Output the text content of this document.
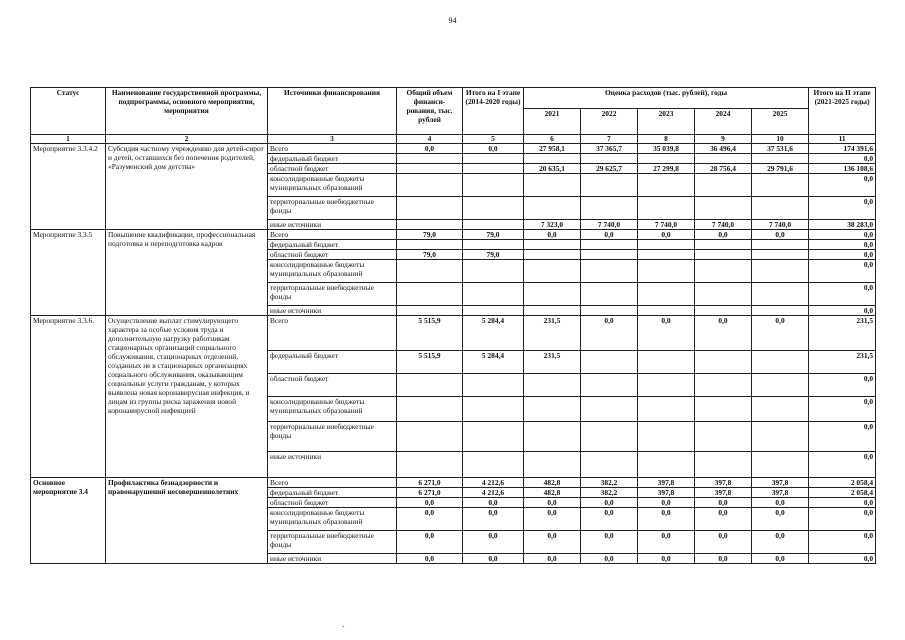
94
Статус	Наименование государственной программы, подпрограммы, основного мероприятия, мероприятия	Источники финансирования	Общий объем финанси-рования, тыс. рублей	Итого на I этапе (2014-2020 годы)	Оценка расходов (тыс. рублей), годы					Итого на II этапе (2021-2025 годы)
					2021	2022	2023	2024	2025	
1	2	3	4	5	6	7	8	9	10	11
Мероприятие 3.3.4.2	Субсидия частному учреждению для детей-сирот и детей, оставшихся без попечения родителей, «Разуменский дом детства»	Всего	0,0	0,0	27 958,1	37 365,7	35 039,8	36 496,4	37 531,6	174 391,6
		федеральный бюджет								0,0
		областной бюджет			20 635,1	29 625,7	27 299,8	28 756,4	29 791,6	136 108,6
		консолидированные бюджеты муниципальных образований								0,0
		территориальные внебюджетные фонды								0,0
		иные источники			7 323,0	7 740,0	7 740,0	7 740,0	7 740,0	38 283,0
Мероприятие 3.3.5	Повышение квалификации, профессиональная подготовка и переподготовка кадров	Всего	79,0	79,0	0,0	0,0	0,0	0,0	0,0	0,0
		федеральный бюджет								0,0
		областной бюджет	79,0	79,0						0,0
		консолидированные бюджеты муниципальных образований								0,0
		территориальные внебюджетные фонды								0,0
		иные источники								0,0
Мероприятие 3.3.6.	Осуществление выплат стимулирующего характера за особые условия труда и дополнительную нагрузку работникам стационарных организаций социального обслуживания, стационарных отделений, созданных не в стационарных организациях социального обслуживания, оказывающим социальные услуги гражданам, у которых выявлена новая коронавирусная инфекция, и лицам из группы риска заражения новой коронавирусной инфекцией	Всего	5 515,9	5 284,4	231,5	0,0	0,0	0,0	0,0	231,5
		федеральный бюджет	5 515,9	5 284,4	231,5					231,5
		областной бюджет								0,0
		консолидированные бюджеты муниципальных образований								0,0
		территориальные внебюджетные фонды								0,0
		иные источники								0,0
Основное мероприятие 3.4	Профилактика безнадзорности и правонарушений несовершеннолетних	Всего	6 271,0	4 212,6	482,8	382,2	397,8	397,8	397,8	2 058,4
		федеральный бюджет	6 271,0	4 212,6	482,8	382,2	397,8	397,8	397,8	2 058,4
		областной бюджет	0,0	0,0	0,0	0,0	0,0	0,0	0,0	0,0
		консолидированные бюджеты муниципальных образований	0,0	0,0	0,0	0,0	0,0	0,0	0,0	0,0
		территориальные внебюджетные фонды	0,0	0,0	0,0	0,0	0,0	0,0	0,0	0,0
		иные источники	0,0	0,0	0,0	0,0	0,0	0,0	0,0	0,0
-
